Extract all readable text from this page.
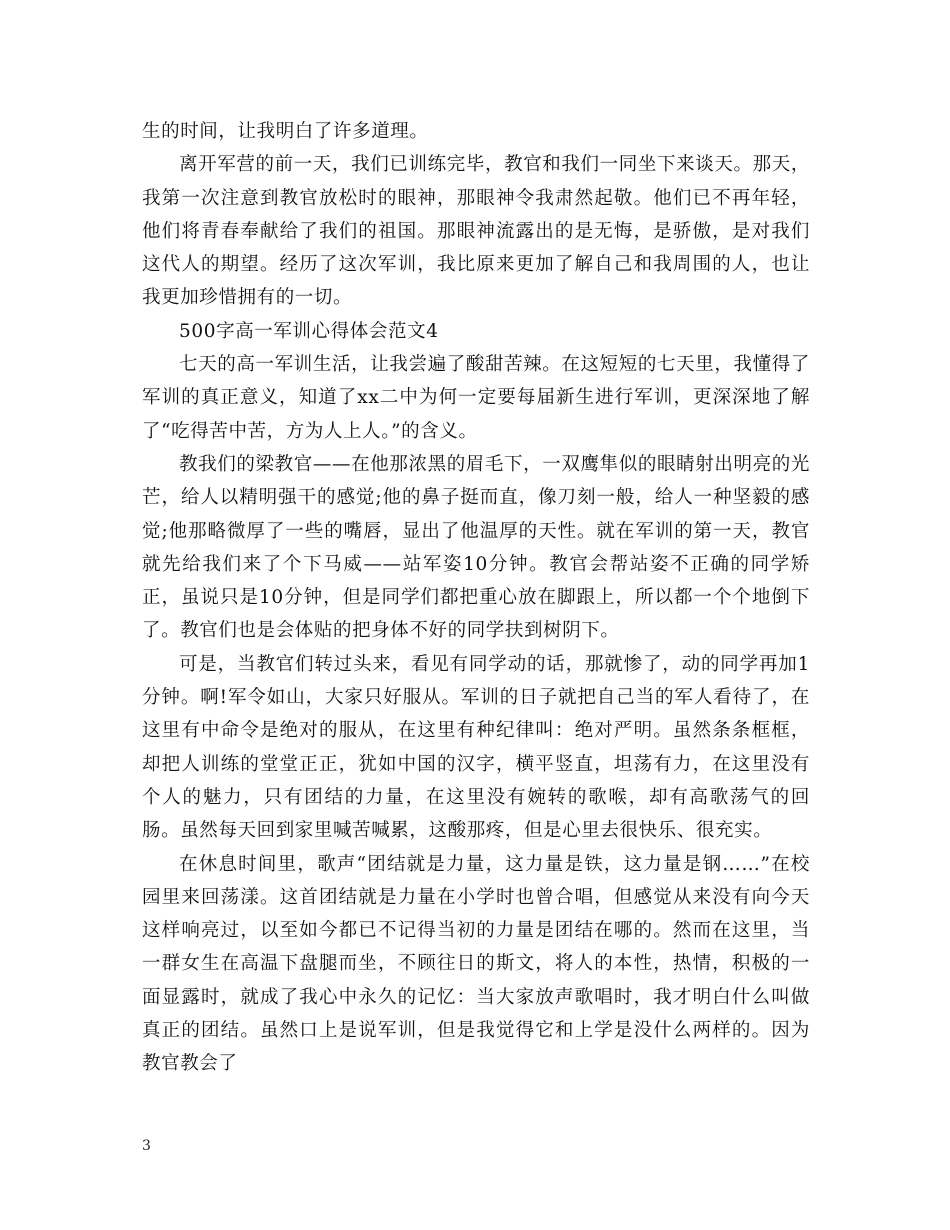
生的时间，让我明白了许多道理。

离开军营的前一天，我们已训练完毕，教官和我们一同坐下来谈天。那天，我第一次注意到教官放松时的眼神，那眼神令我肃然起敬。他们已不再年轻，他们将青春奉献给了我们的祖国。那眼神流露出的是无悔，是骄傲，是对我们这代人的期望。经历了这次军训，我比原来更加了解自己和我周围的人，也让我更加珍惜拥有的一切。

500字高一军训心得体会范文4

七天的高一军训生活，让我尝遍了酸甜苦辣。在这短短的七天里，我懂得了军训的真正意义，知道了xx二中为何一定要每届新生进行军训，更深深地了解了“吃得苦中苦，方为人上人。”的含义。

教我们的梁教官——在他那浓黑的眉毛下，一双鹰隼似的眼睛射出明亮的光芒，给人以精明强干的感觉;他的鼻子挺而直，像刀刻一般，给人一种坚毅的感觉;他那略微厚了一些的嘴唇，显出了他温厚的天性。就在军训的第一天，教官就先给我们来了个下马威——站军姿10分钟。教官会帮站姿不正确的同学矫正，虽说只是10分钟，但是同学们都把重心放在脚跟上，所以都一个个地倒下了。教官们也是会体贴的把身体不好的同学扶到树阴下。

可是，当教官们转过头来，看见有同学动的话，那就惨了，动的同学再加1分钟。啊!军令如山，大家只好服从。军训的日子就把自己当的军人看待了，在这里有中命令是绝对的服从，在这里有种纪律叫：绝对严明。虽然条条框框，却把人训练的堂堂正正，犹如中国的汉字，横平竖直，坦荡有力，在这里没有个人的魅力，只有团结的力量，在这里没有婉转的歌喉，却有高歌荡气的回肠。虽然每天回到家里喊苦喊累，这酸那疼，但是心里去很快乐、很充实。

在休息时间里，歌声“团结就是力量，这力量是铁，这力量是钢……”在校园里来回荡漾。这首团结就是力量在小学时也曾合唱，但感觉从来没有向今天这样响亮过，以至如今都已不记得当初的力量是团结在哪的。然而在这里，当一群女生在高温下盘腿而坐，不顾往日的斯文，将人的本性，热情，积极的一面显露时，就成了我心中永久的记忆：当大家放声歌唱时，我才明白什么叫做真正的团结。虽然口上是说军训，但是我觉得它和上学是没什么两样的。因为教官教会了

3
